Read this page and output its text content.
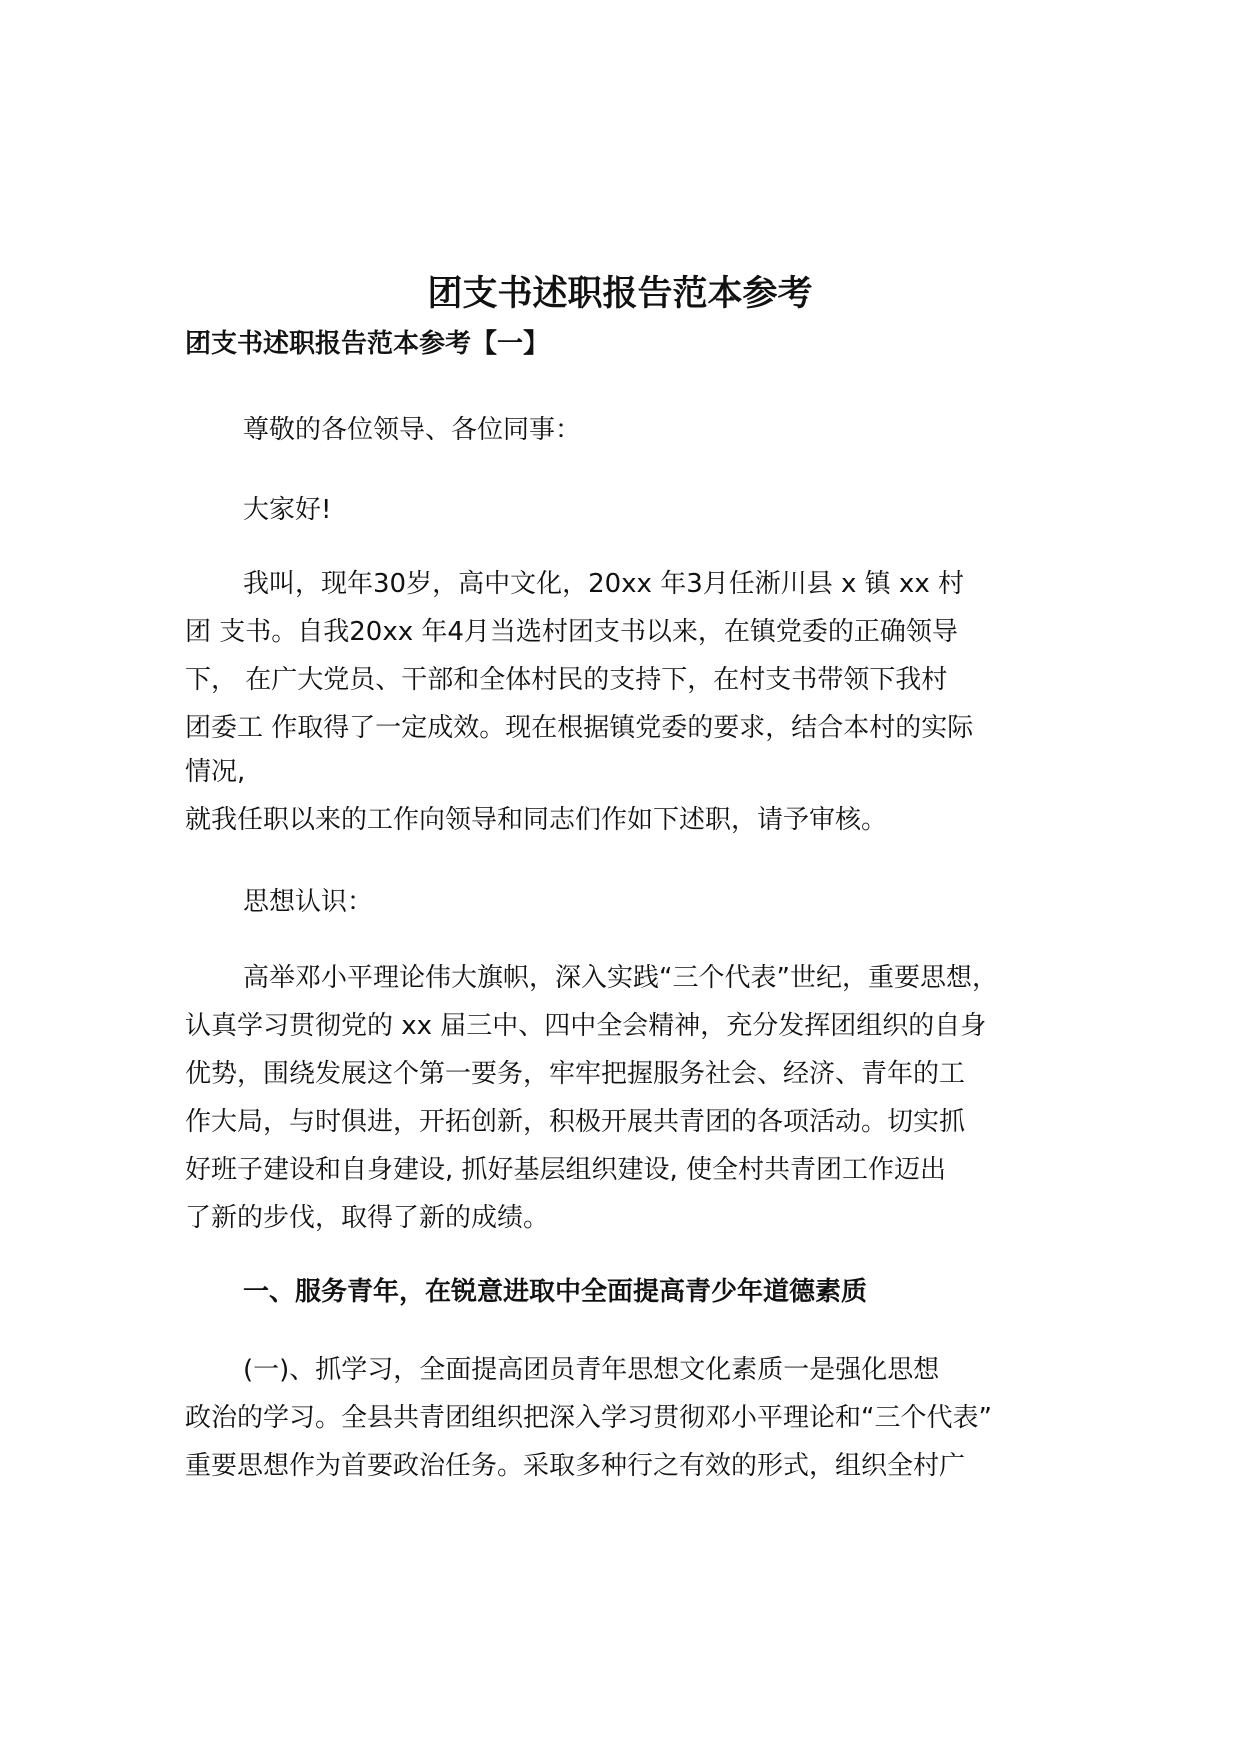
团支书述职报告范本参考
团支书述职报告范本参考【一】

尊敬的各位领导、各位同事：

大家好!

我叫，现年30岁，高中文化，20xx 年3月任淅川县 x 镇 xx 村

团 支书。自我20xx 年4月当选村团支书以来，在镇党委的正确领导

下， 在广大党员、干部和全体村民的支持下，在村支书带领下我村

团委工 作取得了一定成效。现在根据镇党委的要求，结合本村的实际

情况,

就我任职以来的工作向领导和同志们作如下述职，请予审核。

思想认识：

高举邓小平理论伟大旗帜，深入实践“三个代表”世纪，重要思想，

认真学习贯彻党的 xx 届三中、四中全会精神，充分发挥团组织的自身

优势，围绕发展这个第一要务，牢牢把握服务社会、经济、青年的工

作大局，与时俱进，开拓创新，积极开展共青团的各项活动。切实抓

好班子建设和自身建设, 抓好基层组织建设, 使全村共青团工作迈出

了新的步伐，取得了新的成绩。

一、服务青年，在锐意进取中全面提高青少年道德素质

(一)、抓学习，全面提高团员青年思想文化素质一是强化思想

政治的学习。全县共青团组织把深入学习贯彻邓小平理论和“三个代表”

重要思想作为首要政治任务。采取多种行之有效的形式，组织全村广
